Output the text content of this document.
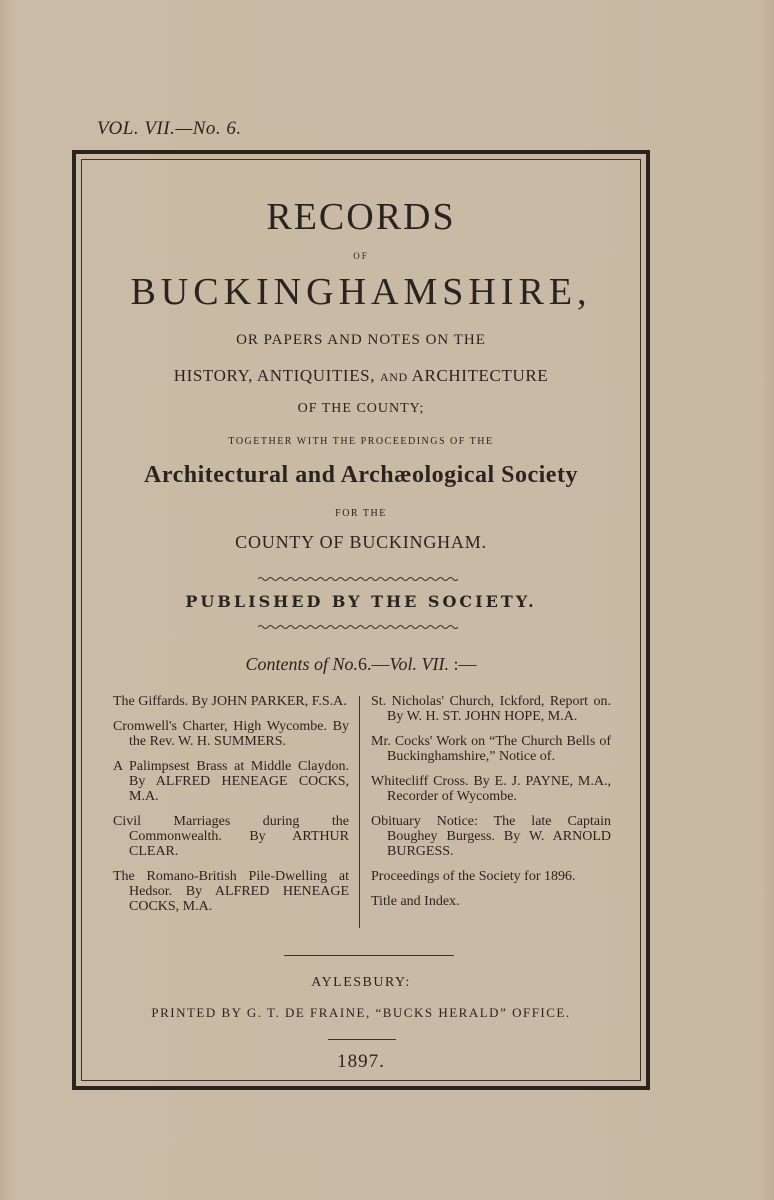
VOL. VII.—No. 6.
RECORDS
OF
BUCKINGHAMSHIRE,
OR PAPERS AND NOTES ON THE
HISTORY, ANTIQUITIES, AND ARCHITECTURE
OF THE COUNTY;
TOGETHER WITH THE PROCEEDINGS OF THE
Architectural and Archæological Society
FOR THE
COUNTY OF BUCKINGHAM.
PUBLISHED BY THE SOCIETY.
Contents of No.6.—Vol. VII. :—
The Giffards. By JOHN PARKER, F.S.A.
Cromwell's Charter, High Wycombe. By the Rev. W. H. SUMMERS.
A Palimpsest Brass at Middle Claydon. By ALFRED HENEAGE COCKS, M.A.
Civil Marriages during the Commonwealth. By ARTHUR CLEAR.
The Romano-British Pile-Dwelling at Hedsor. By ALFRED HENEAGE COCKS, M.A.
St. Nicholas' Church, Ickford, Report on. By W. H. ST. JOHN HOPE, M.A.
Mr. Cocks' Work on “The Church Bells of Buckinghamshire,” Notice of.
Whitecliff Cross. By E. J. PAYNE, M.A., Recorder of Wycombe.
Obituary Notice: The late Captain Boughey Burgess. By W. ARNOLD BURGESS.
Proceedings of the Society for 1896.
Title and Index.
AYLESBURY:
PRINTED BY G. T. DE FRAINE, “BUCKS HERALD” OFFICE.
1897.
